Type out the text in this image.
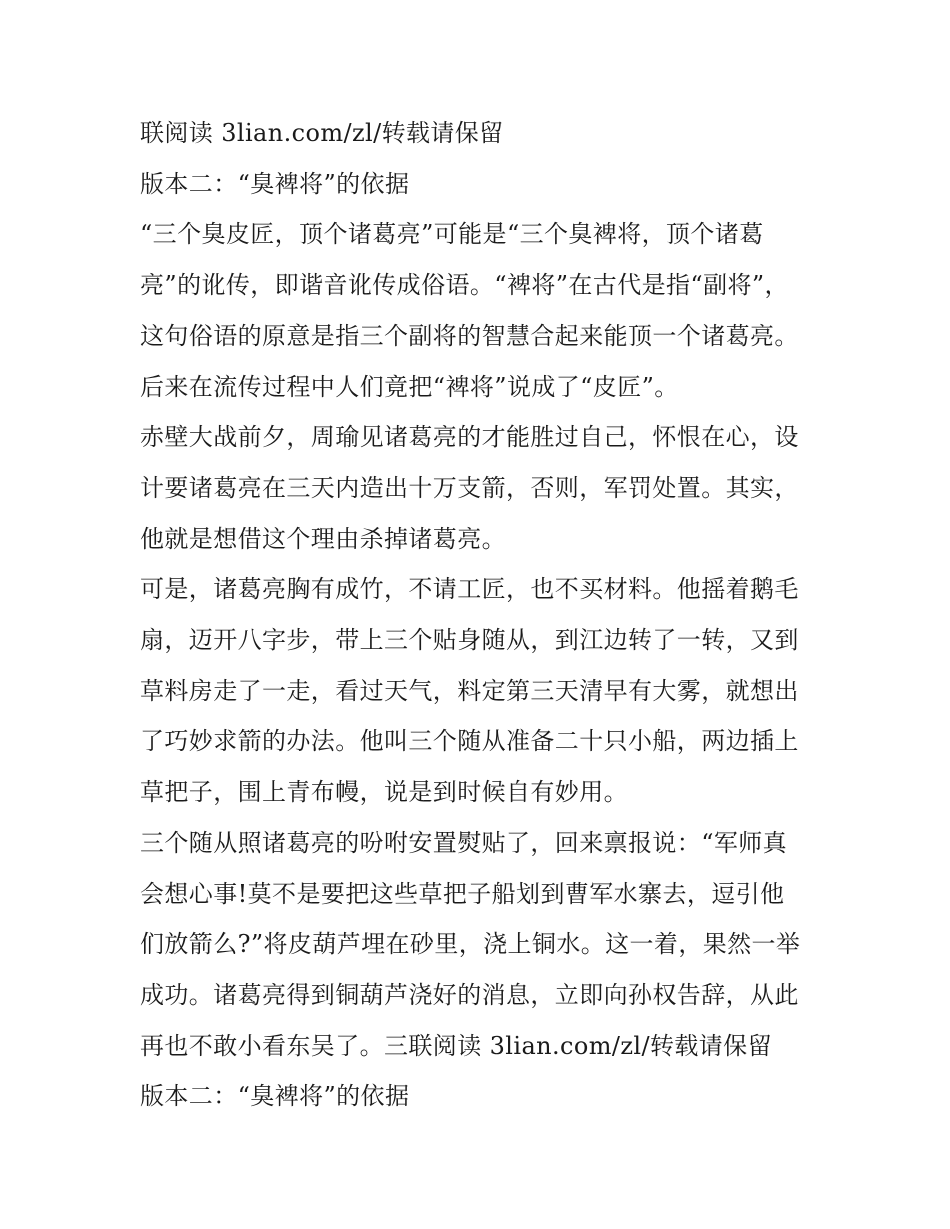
联阅读 3lian.com/zl/转载请保留
版本二：“臭裨将”的依据
“三个臭皮匠，顶个诸葛亮”可能是“三个臭裨将，顶个诸葛
亮”的讹传，即谐音讹传成俗语。“裨将”在古代是指“副将”，
这句俗语的原意是指三个副将的智慧合起来能顶一个诸葛亮。
后来在流传过程中人们竟把“裨将”说成了“皮匠”。
赤壁大战前夕，周瑜见诸葛亮的才能胜过自己，怀恨在心，设
计要诸葛亮在三天内造出十万支箭，否则，军罚处置。其实，
他就是想借这个理由杀掉诸葛亮。
可是，诸葛亮胸有成竹，不请工匠，也不买材料。他摇着鹅毛
扇，迈开八字步，带上三个贴身随从，到江边转了一转，又到
草料房走了一走，看过天气，料定第三天清早有大雾，就想出
了巧妙求箭的办法。他叫三个随从准备二十只小船，两边插上
草把子，围上青布幔，说是到时候自有妙用。
三个随从照诸葛亮的吩咐安置熨贴了，回来禀报说：“军师真
会想心事!莫不是要把这些草把子船划到曹军水寨去，逗引他
们放箭么?”将皮葫芦埋在砂里，浇上铜水。这一着，果然一举
成功。诸葛亮得到铜葫芦浇好的消息，立即向孙权告辞，从此
再也不敢小看东吴了。三联阅读 3lian.com/zl/转载请保留
版本二：“臭裨将”的依据
